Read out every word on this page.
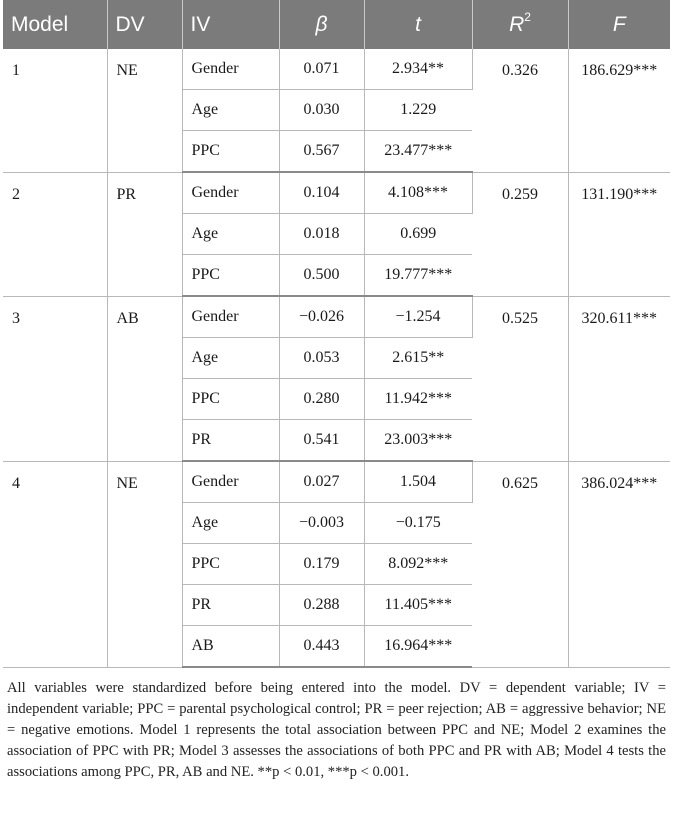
Model	DV	IV	β	t	$R^2$	F
1	NE	Gender	0.071	2.934**	0.326	186.629***
		Age	0.030	1.229		
		PPC	0.567	23.477***		
2	PR	Gender	0.104	4.108***	0.259	131.190***
		Age	0.018	0.699		
		PPC	0.500	19.777***		
3	AB	Gender	−0.026	−1.254	0.525	320.611***
		Age	0.053	2.615**		
		PPC	0.280	11.942***		
		PR	0.541	23.003***		
4	NE	Gender	0.027	1.504	0.625	386.024***
		Age	−0.003	−0.175		
		PPC	0.179	8.092***		
		PR	0.288	11.405***		
		AB	0.443	16.964***		
All variables were standardized before being entered into the model. DV = dependent variable; IV = independent variable; PPC = parental psychological control; PR = peer rejection; AB = aggressive behavior; NE = negative emotions. Model 1 represents the total association between PPC and NE; Model 2 examines the association of PPC with PR; Model 3 assesses the associations of both PPC and PR with AB; Model 4 tests the associations among PPC, PR, AB and NE. **p < 0.01, ***p < 0.001.
